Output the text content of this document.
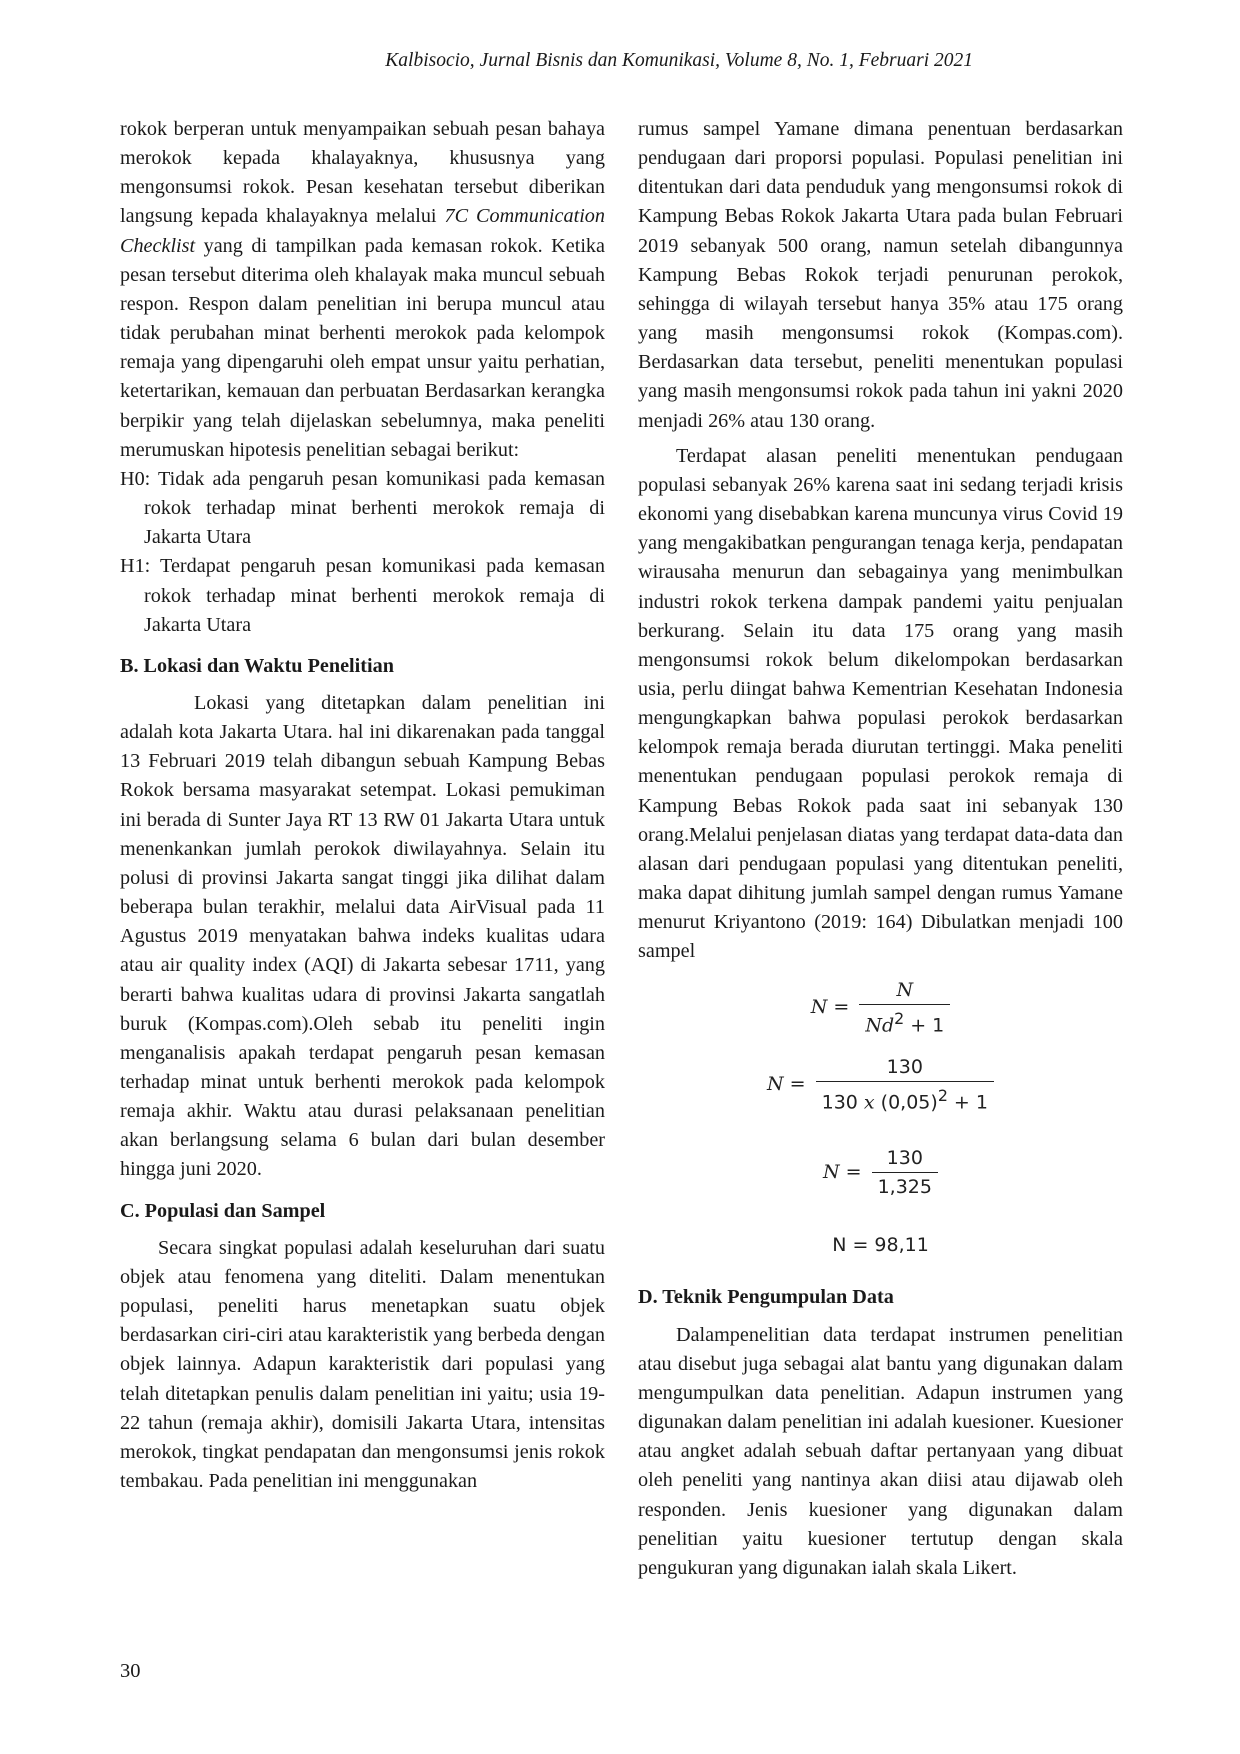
Kalbisocio, Jurnal Bisnis dan Komunikasi, Volume 8, No. 1, Februari 2021

rokok berperan untuk menyampaikan sebuah pesan bahaya merokok kepada khalayaknya, khususnya yang mengonsumsi rokok. Pesan kesehatan tersebut diberikan langsung kepada khalayaknya melalui 7C Communication Checklist yang di tampilkan pada kemasan rokok. Ketika pesan tersebut diterima oleh khalayak maka muncul sebuah respon. Respon dalam penelitian ini berupa muncul atau tidak perubahan minat berhenti merokok pada kelompok remaja yang dipengaruhi oleh empat unsur yaitu perhatian, ketertarikan, kemauan dan perbuatan Berdasarkan kerangka berpikir yang telah dijelaskan sebelumnya, maka peneliti merumuskan hipotesis penelitian sebagai berikut:

H0: Tidak ada pengaruh pesan komunikasi pada kemasan rokok terhadap minat berhenti merokok remaja di Jakarta Utara

H1: Terdapat pengaruh pesan komunikasi pada kemasan rokok terhadap minat berhenti merokok remaja di Jakarta Utara

B. Lokasi dan Waktu Penelitian

Lokasi yang ditetapkan dalam penelitian ini adalah kota Jakarta Utara. hal ini dikarenakan pada tanggal 13 Februari 2019 telah dibangun sebuah Kampung Bebas Rokok bersama masyarakat setempat. Lokasi pemukiman ini berada di Sunter Jaya RT 13 RW 01 Jakarta Utara untuk menenkankan jumlah perokok diwilayahnya. Selain itu polusi di provinsi Jakarta sangat tinggi jika dilihat dalam beberapa bulan terakhir, melalui data AirVisual pada 11 Agustus 2019 menyatakan bahwa indeks kualitas udara atau air quality index (AQI) di Jakarta sebesar 1711, yang berarti bahwa kualitas udara di provinsi Jakarta sangatlah buruk (Kompas.com).Oleh sebab itu peneliti ingin menganalisis apakah terdapat pengaruh pesan kemasan terhadap minat untuk berhenti merokok pada kelompok remaja akhir. Waktu atau durasi pelaksanaan penelitian akan berlangsung selama 6 bulan dari bulan desember hingga juni 2020.

C. Populasi dan Sampel

Secara singkat populasi adalah keseluruhan dari suatu objek atau fenomena yang diteliti. Dalam menentukan populasi, peneliti harus menetapkan suatu objek berdasarkan ciri-ciri atau karakteristik yang berbeda dengan objek lainnya. Adapun karakteristik dari populasi yang telah ditetapkan penulis dalam penelitian ini yaitu; usia 19-22 tahun (remaja akhir), domisili Jakarta Utara, intensitas merokok, tingkat pendapatan dan mengonsumsi jenis rokok tembakau. Pada penelitian ini menggunakan

rumus sampel Yamane dimana penentuan berdasarkan pendugaan dari proporsi populasi. Populasi penelitian ini ditentukan dari data penduduk yang mengonsumsi rokok di Kampung Bebas Rokok Jakarta Utara pada bulan Februari 2019 sebanyak 500 orang, namun setelah dibangunnya Kampung Bebas Rokok terjadi penurunan perokok, sehingga di wilayah tersebut hanya 35% atau 175 orang yang masih mengonsumsi rokok (Kompas.com). Berdasarkan data tersebut, peneliti menentukan populasi yang masih mengonsumsi rokok pada tahun ini yakni 2020 menjadi 26% atau 130 orang.

Terdapat alasan peneliti menentukan pendugaan populasi sebanyak 26% karena saat ini sedang terjadi krisis ekonomi yang disebabkan karena muncunya virus Covid 19 yang mengakibatkan pengurangan tenaga kerja, pendapatan wirausaha menurun dan sebagainya yang menimbulkan industri rokok terkena dampak pandemi yaitu penjualan berkurang. Selain itu data 175 orang yang masih mengonsumsi rokok belum dikelompokan berdasarkan usia, perlu diingat bahwa Kementrian Kesehatan Indonesia mengungkapkan bahwa populasi perokok berdasarkan kelompok remaja berada diurutan tertinggi. Maka peneliti menentukan pendugaan populasi perokok remaja di Kampung Bebas Rokok pada saat ini sebanyak 130 orang.Melalui penjelasan diatas yang terdapat data-data dan alasan dari pendugaan populasi yang ditentukan peneliti, maka dapat dihitung jumlah sampel dengan rumus Yamane menurut Kriyantono (2019: 164) Dibulatkan menjadi 100 sampel

$N = \frac{N}{Nd^2 + 1}$
$N = \frac{130}{130 x (0,05)^2 + 1}$
$N = \frac{130}{1,325}$
N = 98,11
D. Teknik Pengumpulan Data

Dalampenelitian data terdapat instrumen penelitian atau disebut juga sebagai alat bantu yang digunakan dalam mengumpulkan data penelitian. Adapun instrumen yang digunakan dalam penelitian ini adalah kuesioner. Kuesioner atau angket adalah sebuah daftar pertanyaan yang dibuat oleh peneliti yang nantinya akan diisi atau dijawab oleh responden. Jenis kuesioner yang digunakan dalam penelitian yaitu kuesioner tertutup dengan skala pengukuran yang digunakan ialah skala Likert.

30
